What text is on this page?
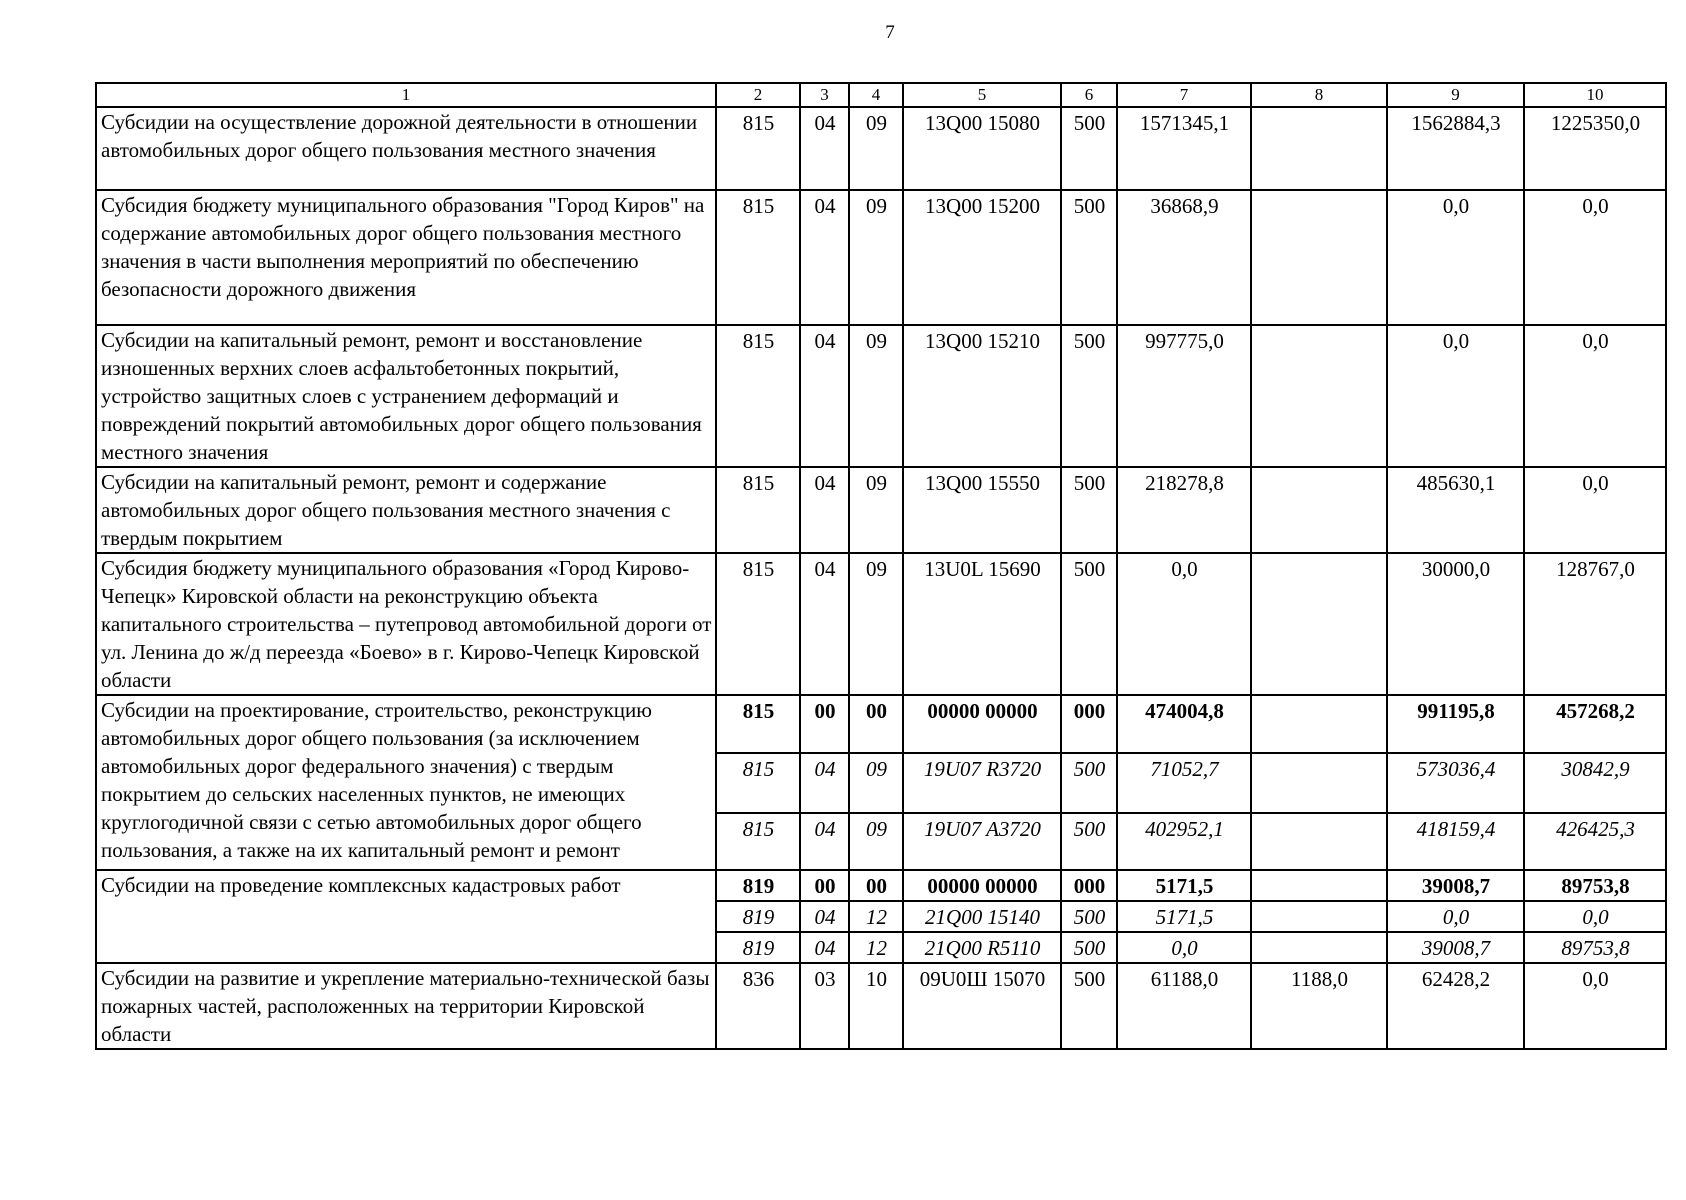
7
1	2	3	4	5	6	7	8	9	10
Субсидии на осуществление дорожной деятельности в отношении автомобильных дорог общего пользования местного значения	815	04	09	13Q00 15080	500	1571345,1		1562884,3	1225350,0
Субсидия бюджету муниципального образования "Город Киров" на содержание автомобильных дорог общего пользования местного значения в части выполнения мероприятий по обеспечению безопасности дорожного движения	815	04	09	13Q00 15200	500	36868,9		0,0	0,0
Субсидии на капитальный ремонт, ремонт и восстановление изношенных верхних слоев асфальтобетонных покрытий, устройство защитных слоев с устранением деформаций и повреждений покрытий автомобильных дорог общего пользования местного значения	815	04	09	13Q00 15210	500	997775,0		0,0	0,0
Субсидии на капитальный ремонт, ремонт и содержание автомобильных дорог общего пользования местного значения с твердым покрытием	815	04	09	13Q00 15550	500	218278,8		485630,1	0,0
Субсидия бюджету муниципального образования «Город Кирово-Чепецк» Кировской области на реконструкцию объекта капитального строительства – путепровод автомобильной дороги от ул. Ленина до ж/д переезда «Боево» в г. Кирово-Чепецк Кировской области	815	04	09	13U0L 15690	500	0,0		30000,0	128767,0
Субсидии на проектирование, строительство, реконструкцию автомобильных дорог общего пользования (за исключением автомобильных дорог федерального значения) с твердым покрытием до сельских населенных пунктов, не имеющих круглогодичной связи с сетью автомобильных дорог общего пользования, а также на их капитальный ремонт и ремонт	815	00	00	00000 00000	000	474004,8		991195,8	457268,2
	815	04	09	19U07 R3720	500	71052,7		573036,4	30842,9
	815	04	09	19U07 A3720	500	402952,1		418159,4	426425,3
Субсидии на проведение комплексных кадастровых работ	819	00	00	00000 00000	000	5171,5		39008,7	89753,8
	819	04	12	21Q00 15140	500	5171,5		0,0	0,0
	819	04	12	21Q00 R5110	500	0,0		39008,7	89753,8
Субсидии на развитие и укрепление материально-технической базы пожарных частей, расположенных на территории Кировской области	836	03	10	09U0Ш 15070	500	61188,0	1188,0	62428,2	0,0
